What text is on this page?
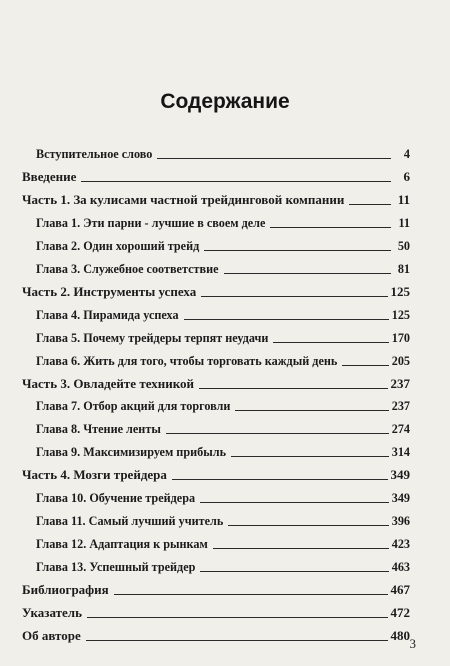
Содержание
Вступительное слово	4
Введение	6
Часть 1. За кулисами частной трейдинговой компании	11
Глава 1. Эти парни - лучшие в своем деле	11
Глава 2. Один хороший трейд	50
Глава 3. Служебное соответствие	81
Часть 2. Инструменты успеха	125
Глава 4. Пирамида успеха	125
Глава 5. Почему трейдеры терпят неудачи	170
Глава 6. Жить для того, чтобы торговать каждый день	205
Часть 3. Овладейте техникой	237
Глава 7. Отбор акций для торговли	237
Глава 8. Чтение ленты	274
Глава 9. Максимизируем прибыль	314
Часть 4. Мозги трейдера	349
Глава 10. Обучение трейдера	349
Глава 11. Самый лучший учитель	396
Глава 12. Адаптация к рынкам	423
Глава 13. Успешный трейдер	463
Библиография	467
Указатель	472
Об авторе	480
3
